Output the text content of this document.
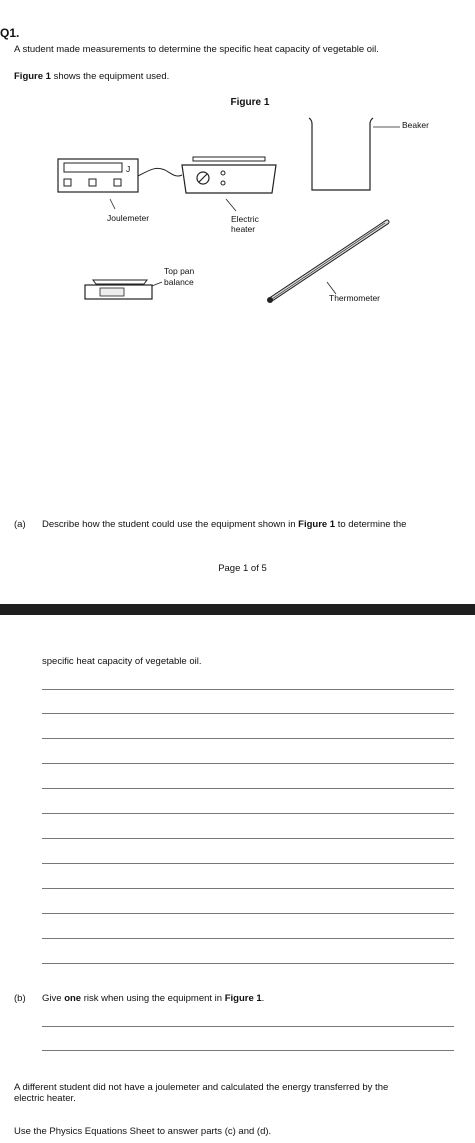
Q1.
A student made measurements to determine the specific heat capacity of vegetable oil.
Figure 1 shows the equipment used.
Figure 1
Beaker
J
Joulemeter	Electric
heater
Top pan
balance
Thermometer
(a) Describe how the student could use the equipment shown in Figure 1 to determine the
Page 1 of 5
specific heat capacity of vegetable oil.
(b) Give one risk when using the equipment in Figure 1.
A different student did not have a joulemeter and calculated the energy transferred by the
electric heater.
Use the Physics Equations Sheet to answer parts (c) and (d).
